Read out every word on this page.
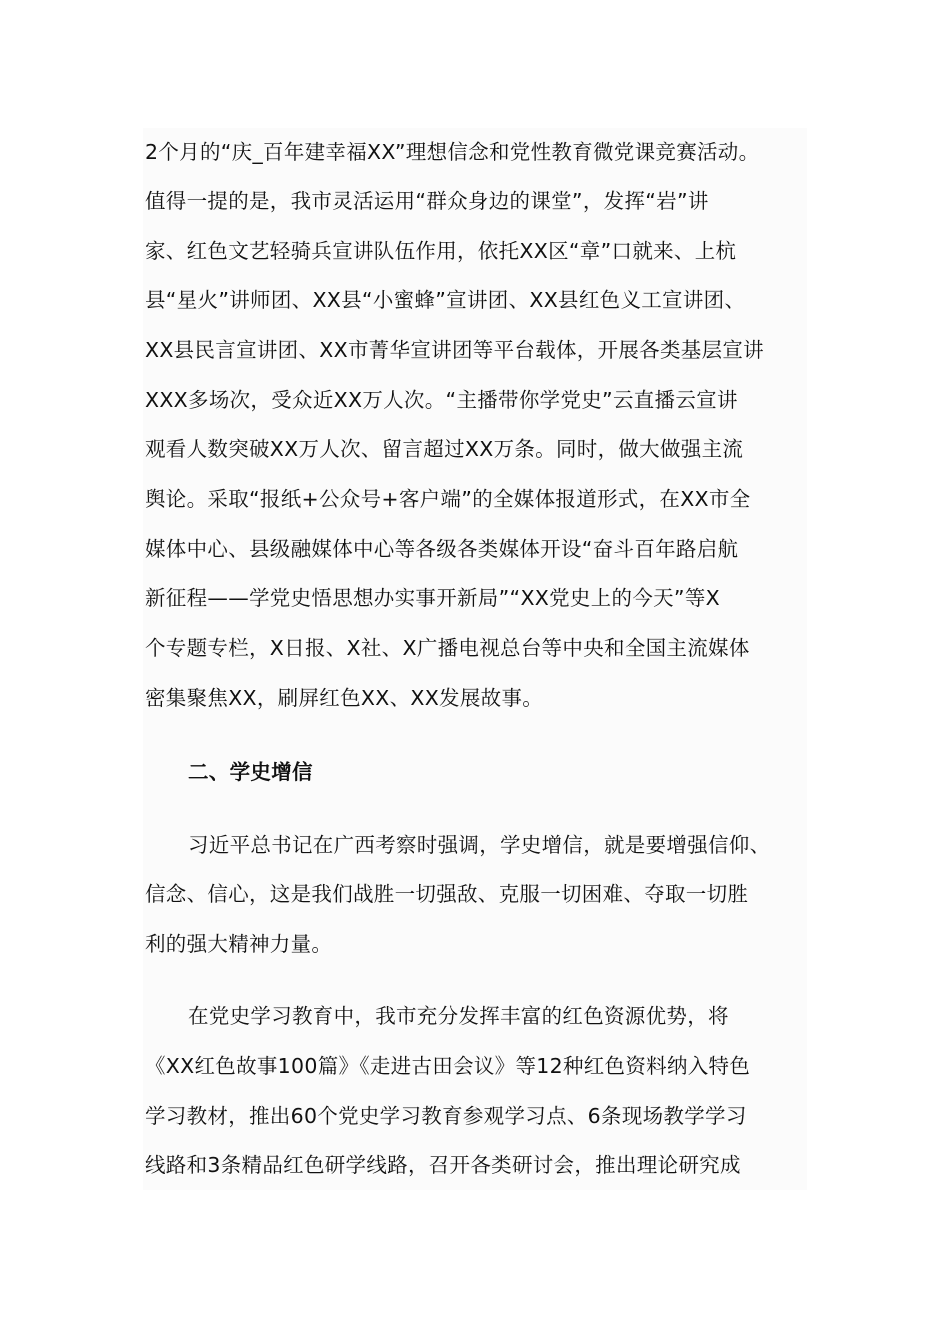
2个月的“庆_百年建幸福XX”理想信念和党性教育微党课竞赛活动。
值得一提的是，我市灵活运用“群众身边的课堂”，发挥“岩”讲
家、红色文艺轻骑兵宣讲队伍作用，依托XX区“章”口就来、上杭
县“星火”讲师团、XX县“小蜜蜂”宣讲团、XX县红色义工宣讲团、
XX县民言宣讲团、XX市菁华宣讲团等平台载体，开展各类基层宣讲
XXX多场次，受众近XX万人次。“主播带你学党史”云直播云宣讲
观看人数突破XX万人次、留言超过XX万条。同时，做大做强主流
舆论。采取“报纸+公众号+客户端”的全媒体报道形式，在XX市全
媒体中心、县级融媒体中心等各级各类媒体开设“奋斗百年路启航
新征程——学党史悟思想办实事开新局”“XX党史上的今天”等X
个专题专栏，X日报、X社、X广播电视总台等中央和全国主流媒体
密集聚焦XX，刷屏红色XX、XX发展故事。
二、学史增信
习近平总书记在广西考察时强调，学史增信，就是要增强信仰、
信念、信心，这是我们战胜一切强敌、克服一切困难、夺取一切胜
利的强大精神力量。
在党史学习教育中，我市充分发挥丰富的红色资源优势，将
《XX红色故事100篇》《走进古田会议》等12种红色资料纳入特色
学习教材，推出60个党史学习教育参观学习点、6条现场教学学习
线路和3条精品红色研学线路，召开各类研讨会，推出理论研究成
